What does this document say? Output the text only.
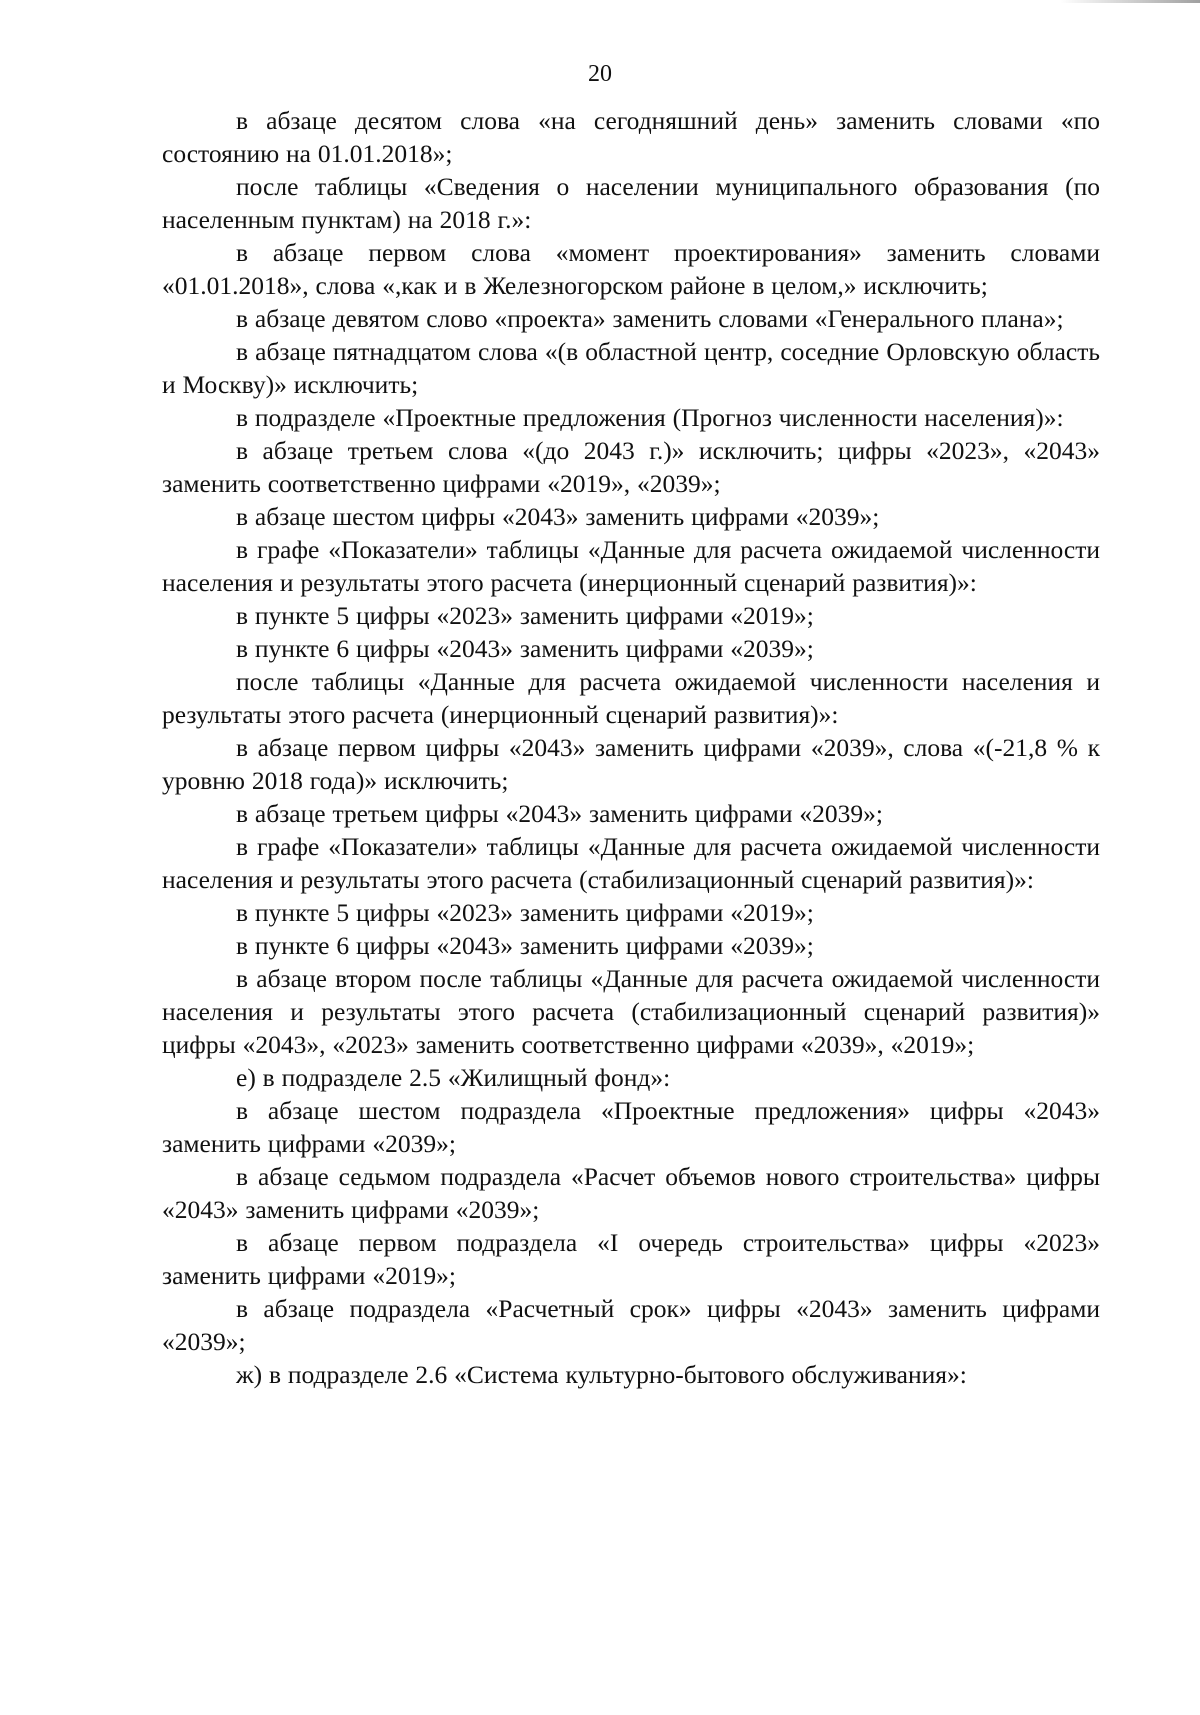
20

в абзаце десятом слова «на сегодняшний день» заменить словами «по состоянию на 01.01.2018»;

после таблицы «Сведения о населении муниципального образования (по населенным пунктам) на 2018 г.»:

в абзаце первом слова «момент проектирования» заменить словами «01.01.2018», слова «,как и в Железногорском районе в целом,» исключить;

в абзаце девятом слово «проекта» заменить словами «Генерального плана»;

в абзаце пятнадцатом слова «(в областной центр, соседние Орловскую область и Москву)» исключить;

в подразделе «Проектные предложения (Прогноз численности населения)»:

в абзаце третьем слова «(до 2043 г.)» исключить; цифры «2023», «2043» заменить соответственно цифрами «2019», «2039»;

в абзаце шестом цифры «2043» заменить цифрами «2039»;

в графе «Показатели» таблицы «Данные для расчета ожидаемой численности населения и результаты этого расчета (инерционный сценарий развития)»:

в пункте 5 цифры «2023» заменить цифрами «2019»;

в пункте 6 цифры «2043» заменить цифрами «2039»;

после таблицы «Данные для расчета ожидаемой численности населения и результаты этого расчета (инерционный сценарий развития)»:

в абзаце первом цифры «2043» заменить цифрами «2039», слова «(-21,8 % к уровню 2018 года)» исключить;

в абзаце третьем цифры «2043» заменить цифрами «2039»;

в графе «Показатели» таблицы «Данные для расчета ожидаемой численности населения и результаты этого расчета (стабилизационный сценарий развития)»:

в пункте 5 цифры «2023» заменить цифрами «2019»;

в пункте 6 цифры «2043» заменить цифрами «2039»;

в абзаце втором после таблицы «Данные для расчета ожидаемой численности населения и результаты этого расчета (стабилизационный сценарий развития)» цифры «2043», «2023» заменить соответственно цифрами «2039», «2019»;

е) в подразделе 2.5 «Жилищный фонд»:

в абзаце шестом подраздела «Проектные предложения» цифры «2043» заменить цифрами «2039»;

в абзаце седьмом подраздела «Расчет объемов нового строительства» цифры «2043» заменить цифрами «2039»;

в абзаце первом подраздела «I очередь строительства» цифры «2023» заменить цифрами «2019»;

в абзаце подраздела «Расчетный срок» цифры «2043» заменить цифрами «2039»;

ж) в подразделе 2.6 «Система культурно-бытового обслуживания»:
